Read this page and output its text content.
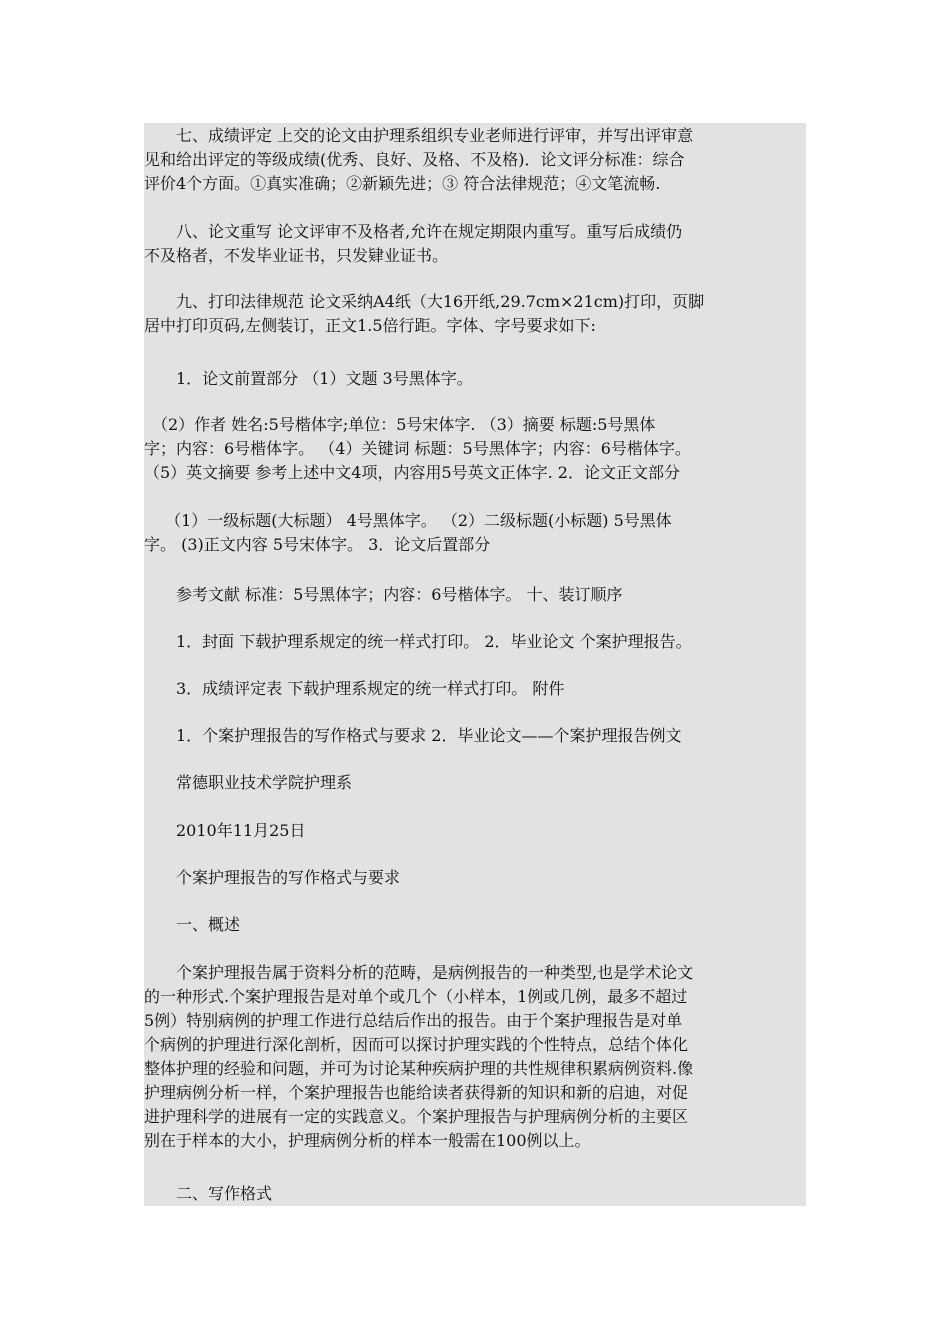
　　七、成绩评定 上交的论文由护理系组织专业老师进行评审，并写出评审意
见和给出评定的等级成绩(优秀、良好、及格、不及格)．论文评分标准：综合
评价4个方面。①真实准确；②新颖先进；③ 符合法律规范；④文笔流畅.
　　八、论文重写 论文评审不及格者,允许在规定期限内重写。重写后成绩仍
不及格者，不发毕业证书，只发肄业证书。
　　九、打印法律规范 论文采纳A4纸（大16开纸,29.7cm×21cm)打印，页脚
居中打印页码,左侧装订，正文1.5倍行距。字体、字号要求如下:
　　1．论文前置部分 （1）文题 3号黑体字。
　（2）作者 姓名:5号楷体字;单位：5号宋体字. （3）摘要 标题:5号黑体
字；内容：6号楷体字。 （4）关键词 标题：5号黑体字；内容：6号楷体字。
（5）英文摘要 参考上述中文4项，内容用5号英文正体字. 2．论文正文部分
　 （1）一级标题(大标题） 4号黑体字。 （2）二级标题(小标题) 5号黑体
字。 (3)正文内容 5号宋体字。 3．论文后置部分
　　参考文献 标准：5号黑体字；内容：6号楷体字。 十、装订顺序
　　1．封面 下载护理系规定的统一样式打印。 2．毕业论文 个案护理报告。
　　3．成绩评定表 下载护理系规定的统一样式打印。 附件
　　1．个案护理报告的写作格式与要求 2．毕业论文——个案护理报告例文
　　常德职业技术学院护理系
　　2010年11月25日
　　个案护理报告的写作格式与要求
　　一、概述
　　个案护理报告属于资料分析的范畴，是病例报告的一种类型,也是学术论文
的一种形式.个案护理报告是对单个或几个（小样本，1例或几例，最多不超过
5例）特别病例的护理工作进行总结后作出的报告。由于个案护理报告是对单
个病例的护理进行深化剖析，因而可以探讨护理实践的个性特点，总结个体化
整体护理的经验和问题，并可为讨论某种疾病护理的共性规律积累病例资料.像
护理病例分析一样，个案护理报告也能给读者获得新的知识和新的启迪，对促
进护理科学的进展有一定的实践意义。个案护理报告与护理病例分析的主要区
别在于样本的大小，护理病例分析的样本一般需在100例以上。
　　二、写作格式
